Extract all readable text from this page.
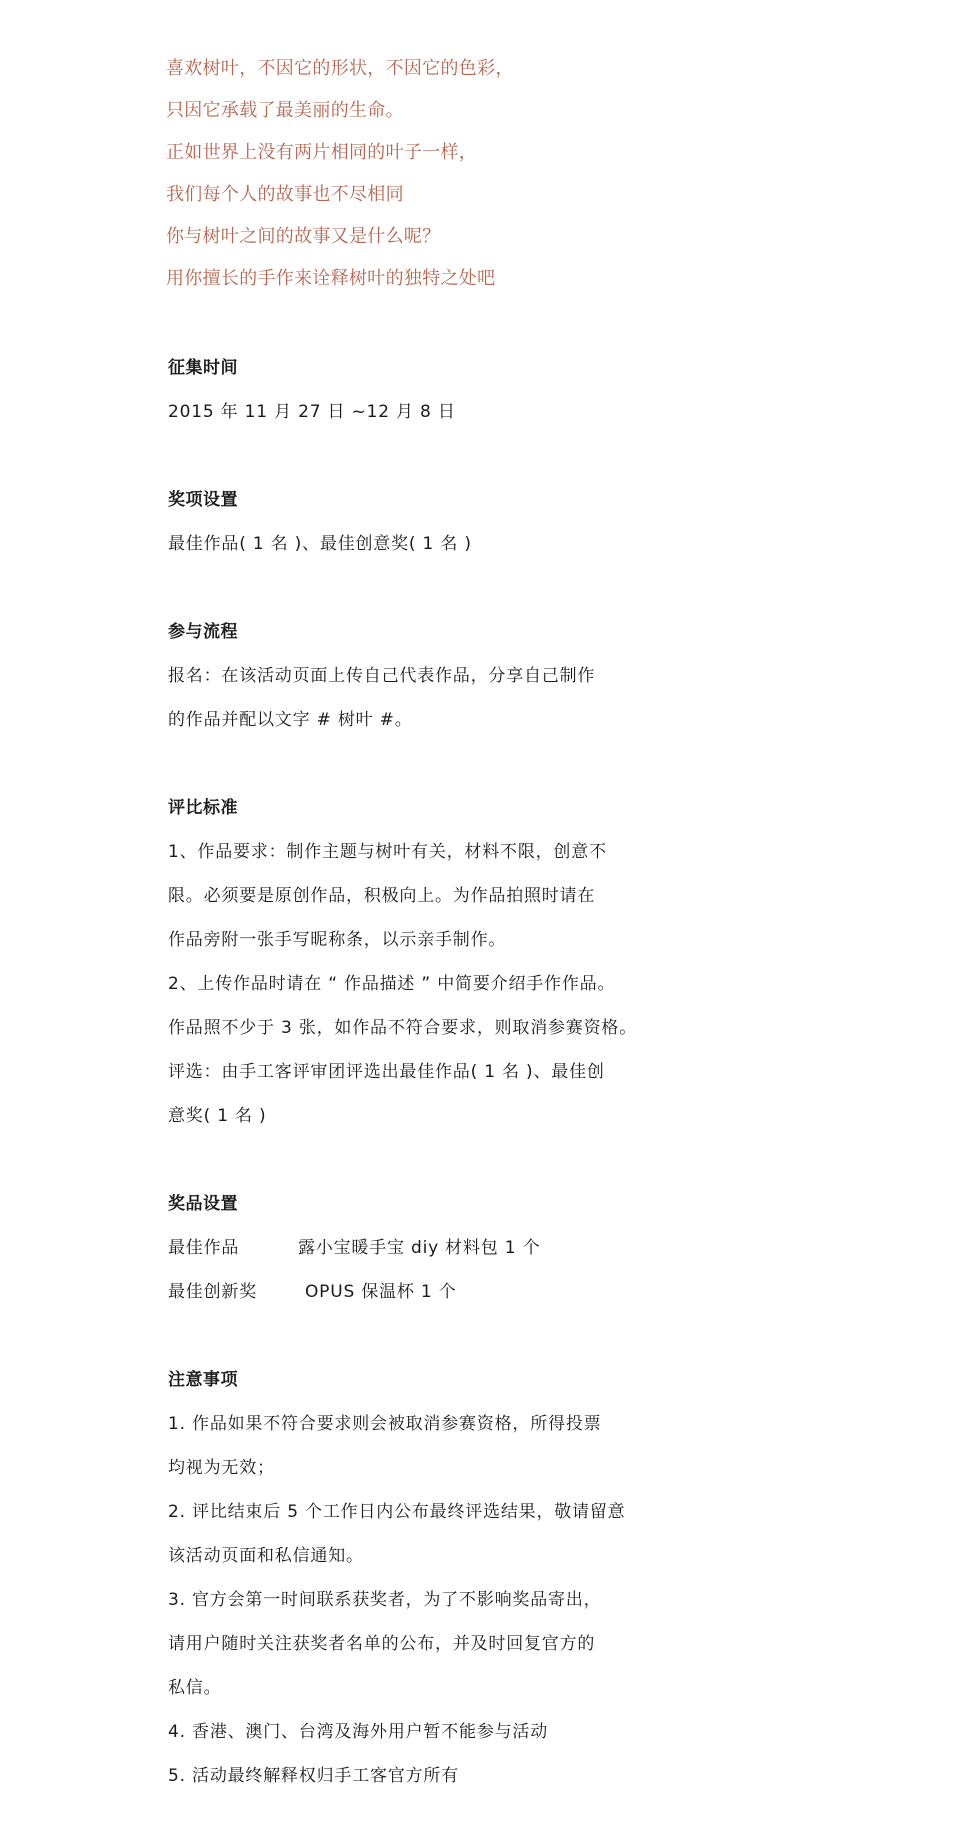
喜欢树叶，不因它的形状，不因它的色彩，
只因它承载了最美丽的生命。
正如世界上没有两片相同的叶子一样，
我们每个人的故事也不尽相同
你与树叶之间的故事又是什么呢？
用你擅长的手作来诠释树叶的独特之处吧
征集时间
2015 年 11 月 27 日 ~12 月 8 日
奖项设置
最佳作品( 1 名 )、最佳创意奖( 1 名 )
参与流程
报名：在该活动页面上传自己代表作品，分享自己制作
的作品并配以文字 # 树叶 #。
评比标准
1、作品要求：制作主题与树叶有关，材料不限，创意不
限。必须要是原创作品，积极向上。为作品拍照时请在
作品旁附一张手写昵称条，以示亲手制作。
2、上传作品时请在 “ 作品描述 ” 中简要介绍手作作品。
作品照不少于 3 张，如作品不符合要求，则取消参赛资格。
评选：由手工客评审团评选出最佳作品( 1 名 )、最佳创
意奖( 1 名 )
奖品设置
最佳作品	露小宝暖手宝 diy 材料包 1 个
最佳创新奖	OPUS 保温杯 1 个
注意事项
1. 作品如果不符合要求则会被取消参赛资格，所得投票
均视为无效；
2. 评比结束后 5 个工作日内公布最终评选结果，敬请留意
该活动页面和私信通知。
3. 官方会第一时间联系获奖者，为了不影响奖品寄出，
请用户随时关注获奖者名单的公布，并及时回复官方的
私信。
4. 香港、澳门、台湾及海外用户暂不能参与活动
5. 活动最终解释权归手工客官方所有
